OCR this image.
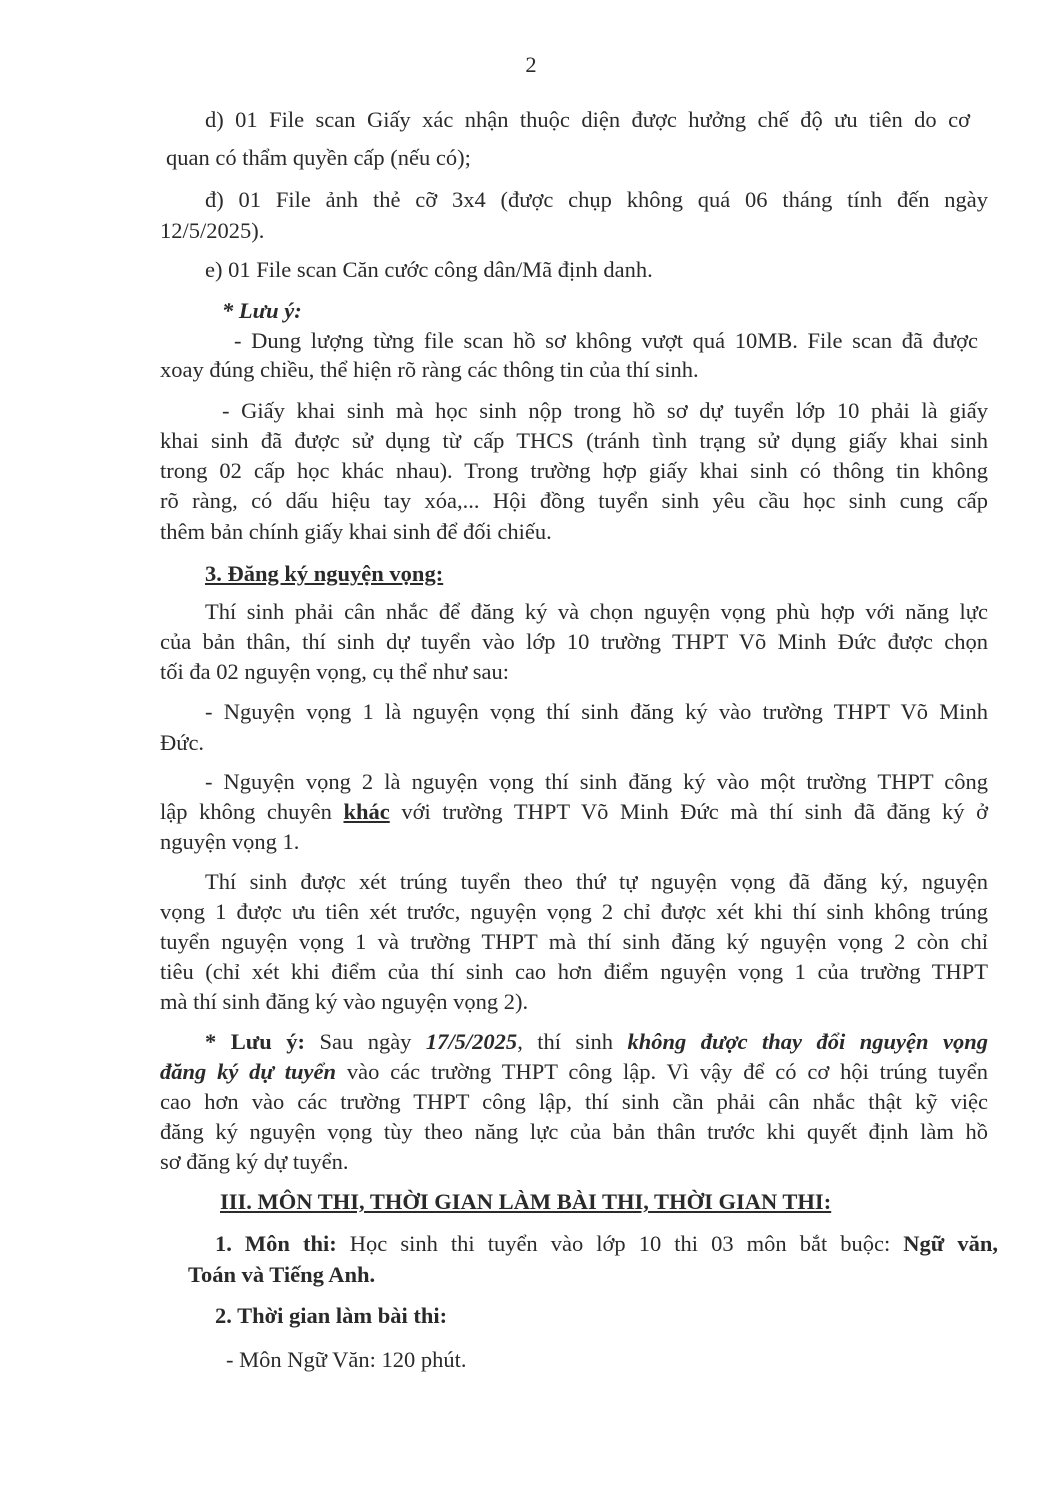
2
d) 01 File scan Giấy xác nhận thuộc diện được hưởng chế độ ưu tiên do cơ
quan có thẩm quyền cấp (nếu có);
đ) 01 File ảnh thẻ cỡ 3x4 (được chụp không quá 06 tháng tính đến ngày
12/5/2025).
e) 01 File scan Căn cước công dân/Mã định danh.
* Lưu ý:
- Dung lượng từng file scan hồ sơ không vượt quá 10MB. File scan đã được
xoay đúng chiều, thể hiện rõ ràng các thông tin của thí sinh.
- Giấy khai sinh mà học sinh nộp trong hồ sơ dự tuyển lớp 10 phải là giấy
khai sinh đã được sử dụng từ cấp THCS (tránh tình trạng sử dụng giấy khai sinh
trong 02 cấp học khác nhau). Trong trường hợp giấy khai sinh có thông tin không
rõ ràng, có dấu hiệu tay xóa,... Hội đồng tuyển sinh yêu cầu học sinh cung cấp
thêm bản chính giấy khai sinh để đối chiếu.
3. Đăng ký nguyện vọng:
Thí sinh phải cân nhắc để đăng ký và chọn nguyện vọng phù hợp với năng lực
của bản thân, thí sinh dự tuyển vào lớp 10 trường THPT Võ Minh Đức được chọn
tối đa 02 nguyện vọng, cụ thể như sau:
- Nguyện vọng 1 là nguyện vọng thí sinh đăng ký vào trường THPT Võ Minh
Đức.
- Nguyện vọng 2 là nguyện vọng thí sinh đăng ký vào một trường THPT công
lập không chuyên khác với trường THPT Võ Minh Đức mà thí sinh đã đăng ký ở
nguyện vọng 1.
Thí sinh được xét trúng tuyển theo thứ tự nguyện vọng đã đăng ký, nguyện
vọng 1 được ưu tiên xét trước, nguyện vọng 2 chỉ được xét khi thí sinh không trúng
tuyển nguyện vọng 1 và trường THPT mà thí sinh đăng ký nguyện vọng 2 còn chỉ
tiêu (chỉ xét khi điểm của thí sinh cao hơn điểm nguyện vọng 1 của trường THPT
mà thí sinh đăng ký vào nguyện vọng 2).
* Lưu ý: Sau ngày 17/5/2025, thí sinh không được thay đổi nguyện vọng
đăng ký dự tuyển vào các trường THPT công lập. Vì vậy để có cơ hội trúng tuyển
cao hơn vào các trường THPT công lập, thí sinh cần phải cân nhắc thật kỹ việc
đăng ký nguyện vọng tùy theo năng lực của bản thân trước khi quyết định làm hồ
sơ đăng ký dự tuyển.
III. MÔN THI, THỜI GIAN LÀM BÀI THI, THỜI GIAN THI:
1. Môn thi: Học sinh thi tuyển vào lớp 10 thi 03 môn bắt buộc: Ngữ văn,
Toán và Tiếng Anh.
2. Thời gian làm bài thi:
- Môn Ngữ Văn: 120 phút.
